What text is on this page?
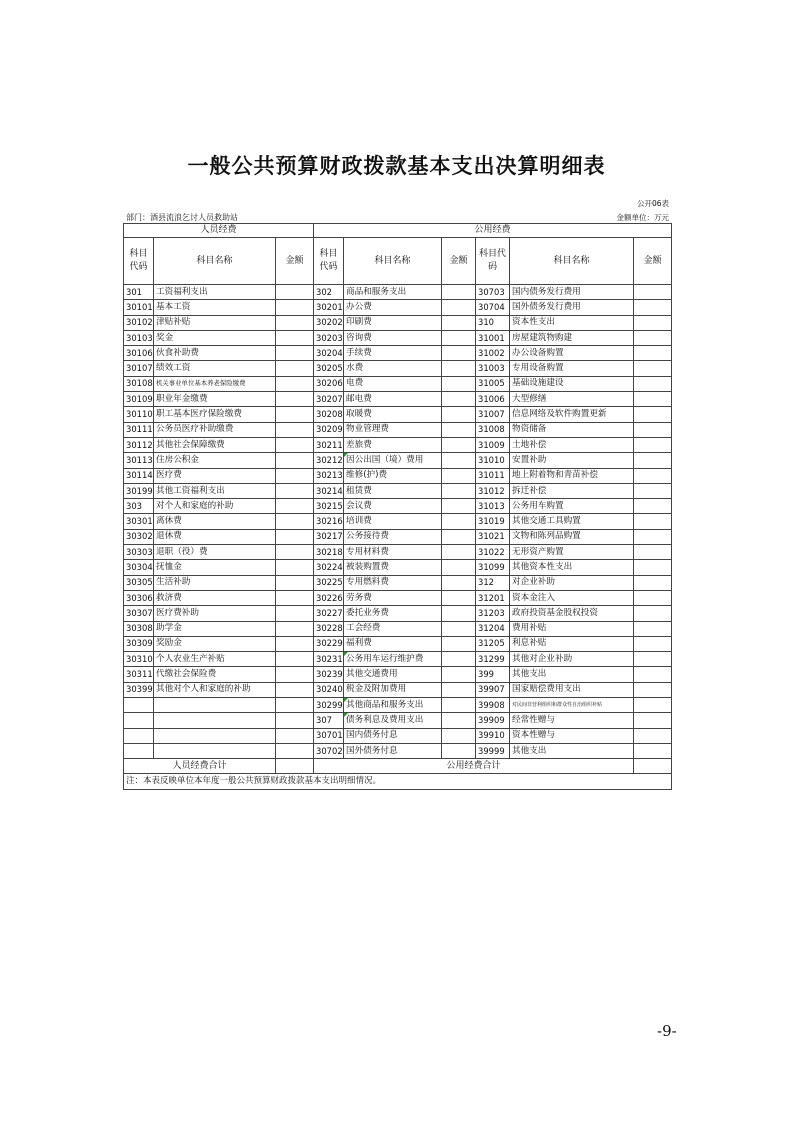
一般公共预算财政拨款基本支出决算明细表
公开06表
部门：酒县流浪乞讨人员救助站	金额单位：万元
人员经费			公用经费					
科目代码	科目名称	金额	科目代码	科目名称	金额	科目代码	科目名称	金额
301	工资福利支出		302	商品和服务支出		30703	国内债务发行费用	
30101	基本工资		30201	办公费		30704	国外债务发行费用	
30102	津贴补贴		30202	印刷费		310	资本性支出	
30103	奖金		30203	咨询费		31001	房屋建筑物购建	
30106	伙食补助费		30204	手续费		31002	办公设备购置	
30107	绩效工资		30205	水费		31003	专用设备购置	
30108	机关事业单位基本养老保险缴费		30206	电费		31005	基础设施建设	
30109	职业年金缴费		30207	邮电费		31006	大型修缮	
30110	职工基本医疗保险缴费		30208	取暖费		31007	信息网络及软件购置更新	
30111	公务员医疗补助缴费		30209	物业管理费		31008	物资储备	
30112	其他社会保障缴费		30211	差旅费		31009	土地补偿	
30113	住房公积金		30212	因公出国（境）费用		31010	安置补助	
30114	医疗费		30213	维修(护)费		31011	地上附着物和青苗补偿	
30199	其他工资福利支出		30214	租赁费		31012	拆迁补偿	
303	对个人和家庭的补助		30215	会议费		31013	公务用车购置	
30301	离休费		30216	培训费		31019	其他交通工具购置	
30302	退休费		30217	公务接待费		31021	文物和陈列品购置	
30303	退职（役）费		30218	专用材料费		31022	无形资产购置	
30304	抚恤金		30224	被装购置费		31099	其他资本性支出	
30305	生活补助		30225	专用燃料费		312	对企业补助	
30306	救济费		30226	劳务费		31201	资本金注入	
30307	医疗费补助		30227	委托业务费		31203	政府投资基金股权投资	
30308	助学金		30228	工会经费		31204	费用补贴	
30309	奖励金		30229	福利费		31205	利息补贴	
30310	个人农业生产补贴		30231	公务用车运行维护费		31299	其他对企业补助	
30311	代缴社会保险费		30239	其他交通费用		399	其他支出	
30399	其他对个人和家庭的补助		30240	税金及附加费用		39907	国家赔偿费用支出	
			30299	其他商品和服务支出		39908	对民间非营利组织和群众性自治组织补贴	
			307	债务利息及费用支出		39909	经常性赠与	
			30701	国内债务付息		39910	资本性赠与	
			30702	国外债务付息		39999	其他支出	
人员经费合计			公用经费合计					
注：本表反映单位本年度一般公共预算财政拨款基本支出明细情况。								
-9-
